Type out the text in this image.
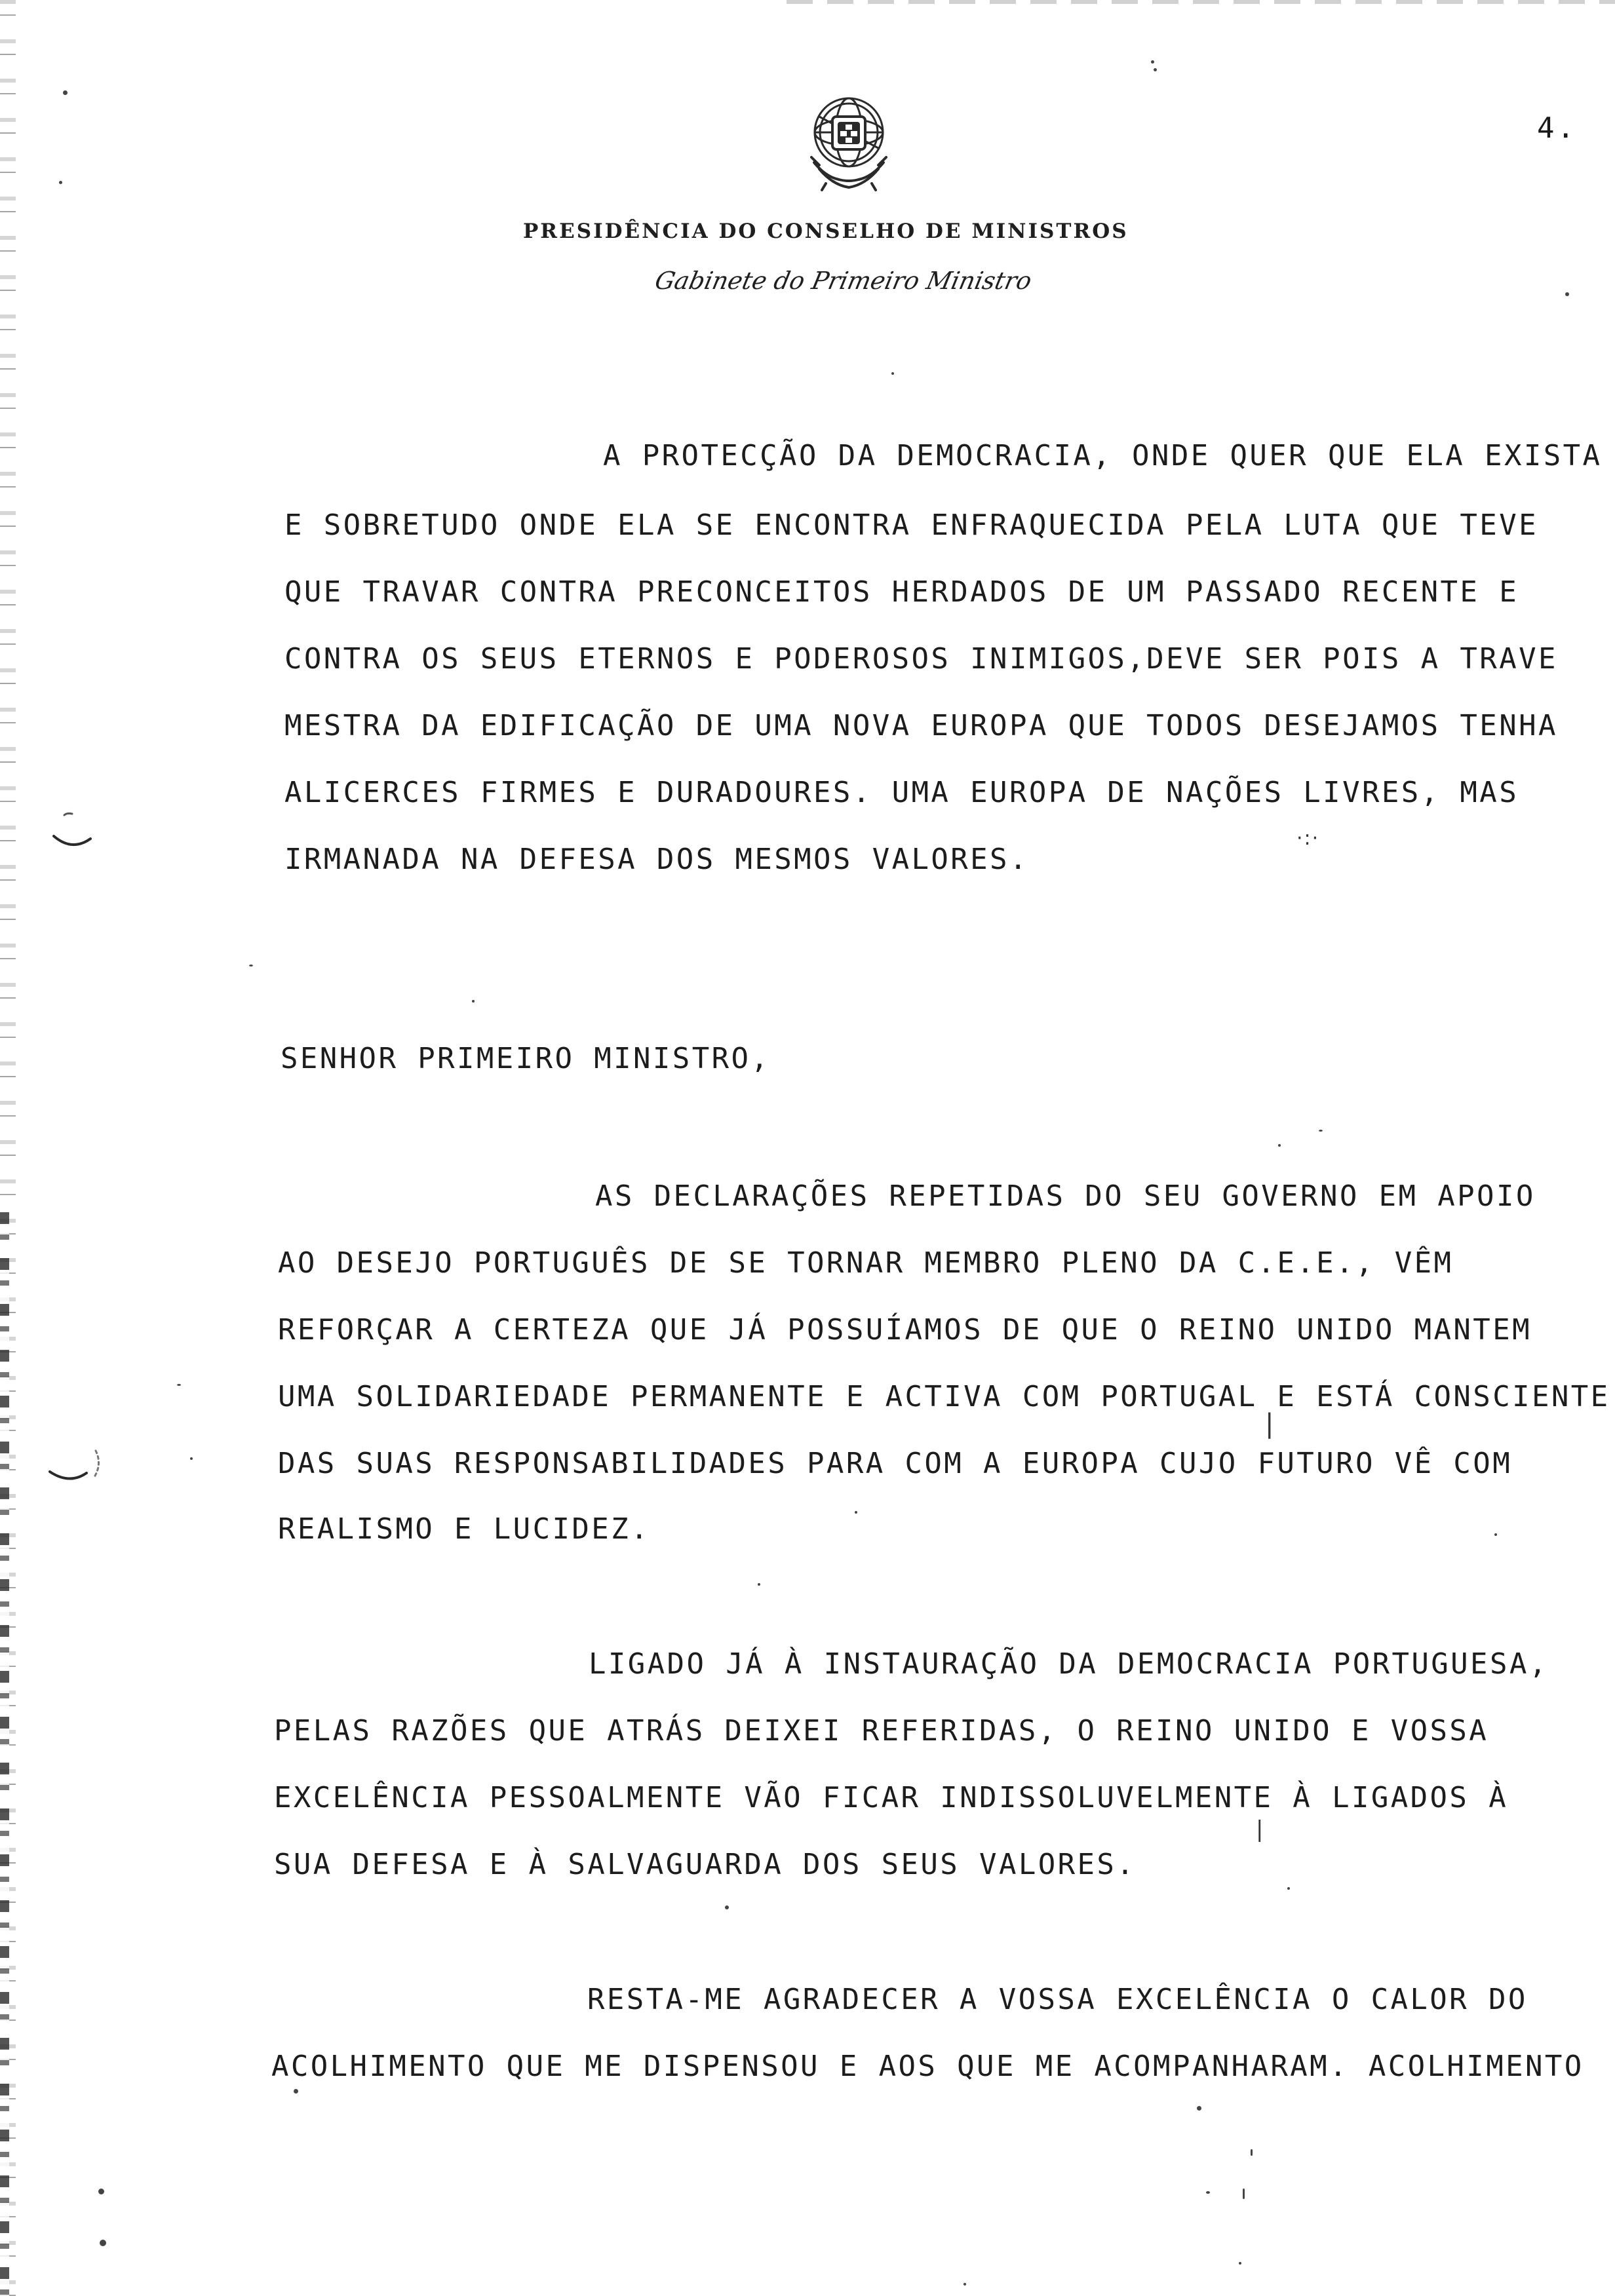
4.
PRESIDÊNCIA DO CONSELHO DE MINISTROS
Gabinete do Primeiro Ministro
A PROTECÇÃO DA DEMOCRACIA, ONDE QUER QUE ELA EXISTA
E SOBRETUDO ONDE ELA SE ENCONTRA ENFRAQUECIDA PELA LUTA QUE TEVE
QUE TRAVAR CONTRA PRECONCEITOS HERDADOS DE UM PASSADO RECENTE E
CONTRA OS SEUS ETERNOS E PODEROSOS INIMIGOS,DEVE SER POIS A TRAVE
MESTRA DA EDIFICAÇÃO DE UMA NOVA EUROPA QUE TODOS DESEJAMOS TENHA
ALICERCES FIRMES E DURADOURES. UMA EUROPA DE NAÇÕES LIVRES, MAS
IRMANADA NA DEFESA DOS MESMOS VALORES.
SENHOR PRIMEIRO MINISTRO,
AS DECLARAÇÕES REPETIDAS DO SEU GOVERNO EM APOIO
AO DESEJO PORTUGUÊS DE SE TORNAR MEMBRO PLENO DA C.E.E., VÊM
REFORÇAR A CERTEZA QUE JÁ POSSUÍAMOS DE QUE O REINO UNIDO MANTEM
UMA SOLIDARIEDADE PERMANENTE E ACTIVA COM PORTUGAL E ESTÁ CONSCIENTE
DAS SUAS RESPONSABILIDADES PARA COM A EUROPA CUJO FUTURO VÊ COM
REALISMO E LUCIDEZ.
LIGADO JÁ À INSTAURAÇÃO DA DEMOCRACIA PORTUGUESA,
PELAS RAZÕES QUE ATRÁS DEIXEI REFERIDAS, O REINO UNIDO E VOSSA
EXCELÊNCIA PESSOALMENTE VÃO FICAR INDISSOLUVELMENTE À LIGADOS À
SUA DEFESA E À SALVAGUARDA DOS SEUS VALORES.
RESTA-ME AGRADECER A VOSSA EXCELÊNCIA O CALOR DO
ACOLHIMENTO QUE ME DISPENSOU E AOS QUE ME ACOMPANHARAM. ACOLHIMENTO
|
|
·:·
